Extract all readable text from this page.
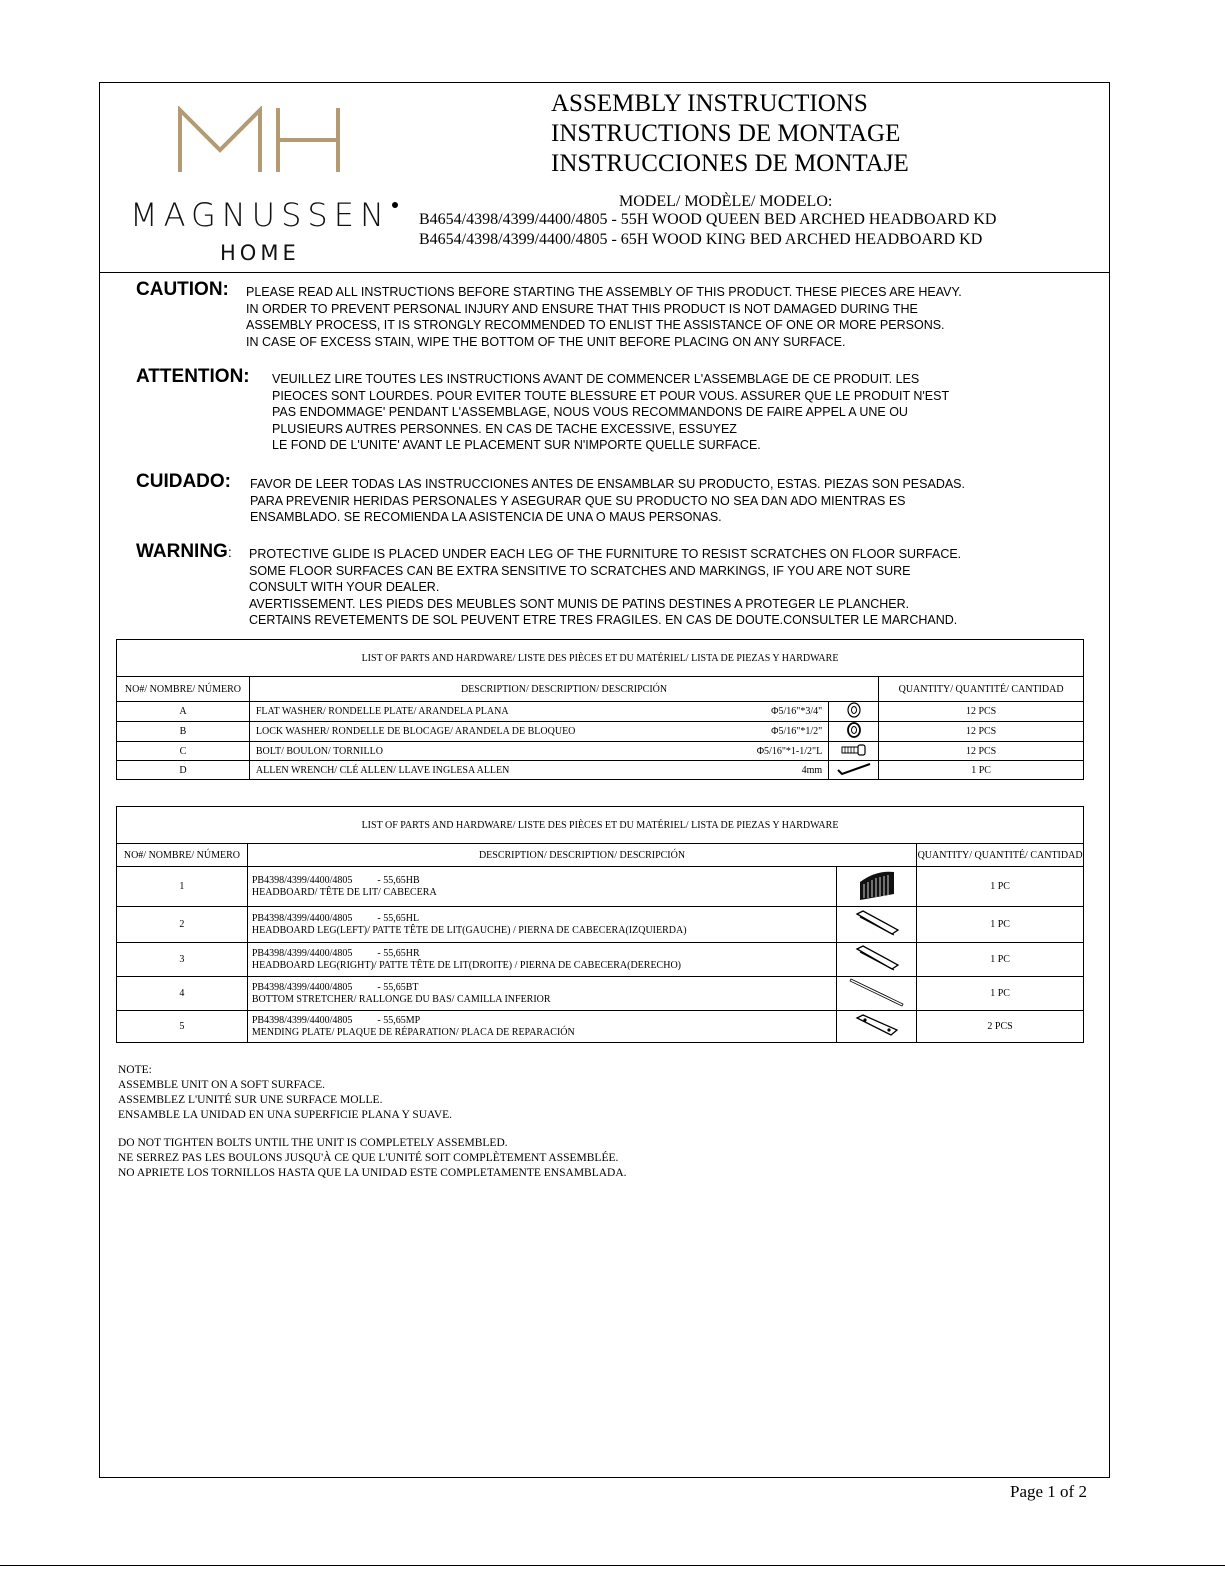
MAGNUSSEN
HOME
ASSEMBLY INSTRUCTIONS
INSTRUCTIONS DE MONTAGE
INSTRUCCIONES DE MONTAJE
MODEL/ MODÈLE/ MODELO:
B4654/4398/4399/4400/4805 - 55H WOOD QUEEN BED ARCHED HEADBOARD KD
B4654/4398/4399/4400/4805 - 65H WOOD KING BED ARCHED HEADBOARD KD
CAUTION: PLEASE READ ALL INSTRUCTIONS BEFORE STARTING THE ASSEMBLY OF THIS PRODUCT. THESE PIECES ARE HEAVY.
IN ORDER TO PREVENT PERSONAL INJURY AND ENSURE THAT THIS PRODUCT IS NOT DAMAGED DURING THE
ASSEMBLY PROCESS, IT IS STRONGLY RECOMMENDED TO ENLIST THE ASSISTANCE OF ONE OR MORE PERSONS.
IN CASE OF EXCESS STAIN, WIPE THE BOTTOM OF THE UNIT BEFORE PLACING ON ANY SURFACE.
ATTENTION: VEUILLEZ LIRE TOUTES LES INSTRUCTIONS AVANT DE COMMENCER L'ASSEMBLAGE DE CE PRODUIT. LES
PIEOCES SONT LOURDES. POUR EVITER TOUTE BLESSURE ET POUR VOUS. ASSURER QUE LE PRODUIT N'EST
PAS ENDOMMAGE' PENDANT L'ASSEMBLAGE, NOUS VOUS RECOMMANDONS DE FAIRE APPEL A UNE OU
PLUSIEURS AUTRES PERSONNES. EN CAS DE TACHE EXCESSIVE, ESSUYEZ
LE FOND DE L'UNITE' AVANT LE PLACEMENT SUR N'IMPORTE QUELLE SURFACE.
CUIDADO: FAVOR DE LEER TODAS LAS INSTRUCCIONES ANTES DE ENSAMBLAR SU PRODUCTO, ESTAS. PIEZAS SON PESADAS.
PARA PREVENIR HERIDAS PERSONALES Y ASEGURAR QUE SU PRODUCTO NO SEA DAN ADO MIENTRAS ES
ENSAMBLADO. SE RECOMIENDA LA ASISTENCIA DE UNA O MAUS PERSONAS.
WARNING: PROTECTIVE GLIDE IS PLACED UNDER EACH LEG OF THE FURNITURE TO RESIST SCRATCHES ON FLOOR SURFACE.
SOME FLOOR SURFACES CAN BE EXTRA SENSITIVE TO SCRATCHES AND MARKINGS, IF YOU ARE NOT SURE
CONSULT WITH YOUR DEALER.
AVERTISSEMENT. LES PIEDS DES MEUBLES SONT MUNIS DE PATINS DESTINES A PROTEGER LE PLANCHER.
CERTAINS REVETEMENTS DE SOL PEUVENT ETRE TRES FRAGILES. EN CAS DE DOUTE.CONSULTER LE MARCHAND.
LIST OF PARTS AND HARDWARE/ LISTE DES PIÈCES ET DU MATÉRIEL/ LISTA DE PIEZAS Y HARDWARE				
NO#/ NOMBRE/ NÚMERO	DESCRIPTION/ DESCRIPTION/ DESCRIPCIÓN			QUANTITY/ QUANTITÉ/ CANTIDAD
A	FLAT WASHER/ RONDELLE PLATE/ ARANDELA PLANA	Φ5/16"*3/4"		12 PCS
B	LOCK WASHER/ RONDELLE DE BLOCAGE/ ARANDELA DE BLOQUEO	Φ5/16"*1/2"		12 PCS
C	BOLT/ BOULON/ TORNILLO	Φ5/16"*1-1/2"L		12 PCS
D	ALLEN WRENCH/ CLÉ ALLEN/ LLAVE INGLESA ALLEN	4mm		1 PC
LIST OF PARTS AND HARDWARE/ LISTE DES PIÈCES ET DU MATÉRIEL/ LISTA DE PIEZAS Y HARDWARE			
NO#/ NOMBRE/ NÚMERO	DESCRIPTION/ DESCRIPTION/ DESCRIPCIÓN		QUANTITY/ QUANTITÉ/ CANTIDAD
1	PB4398/4399/4400/4805          - 55,65HB
HEADBOARD/ TÊTE DE LIT/ CABECERA		1 PC
2	PB4398/4399/4400/4805          - 55,65HL
HEADBOARD LEG(LEFT)/ PATTE TÊTE DE LIT(GAUCHE) / PIERNA DE CABECERA(IZQUIERDA)		1 PC
3	PB4398/4399/4400/4805          - 55,65HR
HEADBOARD LEG(RIGHT)/ PATTE TÊTE DE LIT(DROITE) / PIERNA DE CABECERA(DERECHO)		1 PC
4	PB4398/4399/4400/4805          - 55,65BT
BOTTOM STRETCHER/ RALLONGE DU BAS/ CAMILLA INFERIOR		1 PC
5	PB4398/4399/4400/4805          - 55,65MP
MENDING PLATE/ PLAQUE DE RÉPARATION/ PLACA DE REPARACIÓN		2 PCS
NOTE:
ASSEMBLE UNIT ON A SOFT SURFACE.
ASSEMBLEZ L'UNITÉ SUR UNE SURFACE MOLLE.
ENSAMBLE LA UNIDAD EN UNA SUPERFICIE PLANA Y SUAVE.
DO NOT TIGHTEN BOLTS UNTIL THE UNIT IS COMPLETELY ASSEMBLED.
NE SERREZ PAS LES BOULONS JUSQU'À CE QUE L'UNITÉ SOIT COMPLÈTEMENT ASSEMBLÉE.
NO APRIETE LOS TORNILLOS HASTA QUE LA UNIDAD ESTE COMPLETAMENTE ENSAMBLADA.
Page 1 of 2
